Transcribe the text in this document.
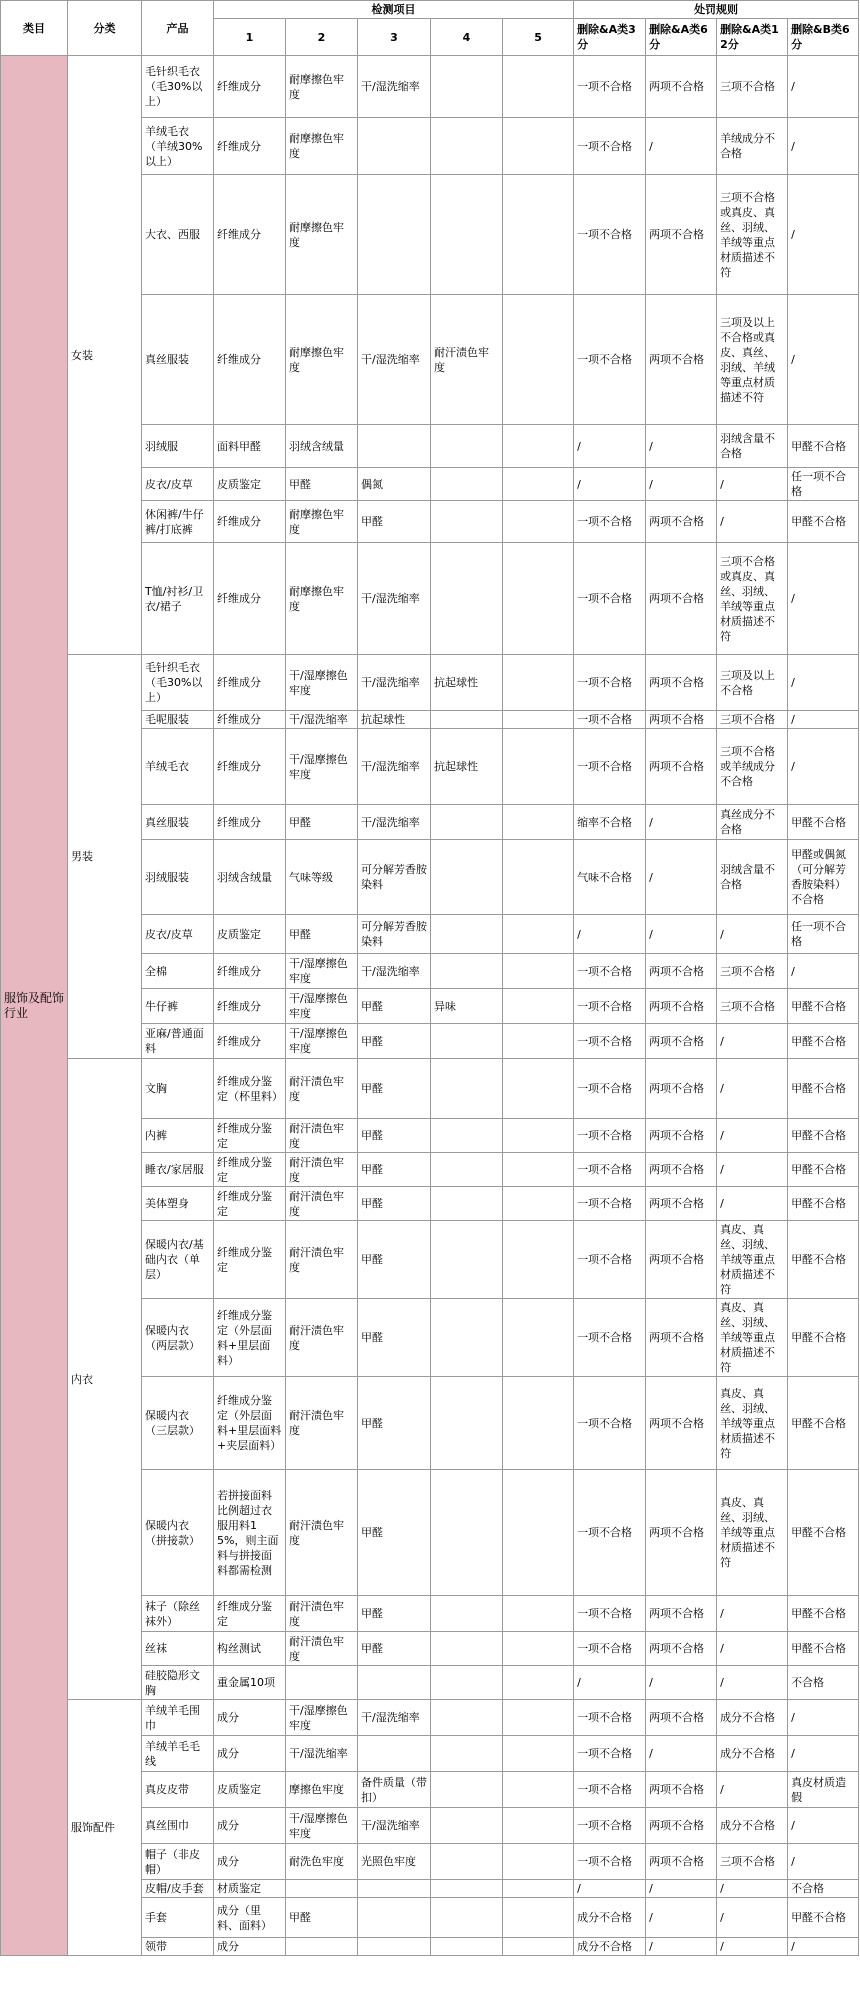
类目	分类	产品	检测项目					处罚规则			
			1	2	3	4	5	删除&A类3分	删除&A类6分	删除&A类12分	删除&B类6分
服饰及配饰行业	女装	毛针织毛衣（毛30%以上）	纤维成分	耐摩擦色牢度	干/湿洗缩率			一项不合格	两项不合格	三项不合格	/
		羊绒毛衣（羊绒30%以上）	纤维成分	耐摩擦色牢度				一项不合格	/	羊绒成分不合格	/
		大衣、西服	纤维成分	耐摩擦色牢度				一项不合格	两项不合格	三项不合格或真皮、真丝、羽绒、羊绒等重点材质描述不符	/
		真丝服装	纤维成分	耐摩擦色牢度	干/湿洗缩率	耐汗渍色牢度		一项不合格	两项不合格	三项及以上不合格或真皮、真丝、羽绒、羊绒等重点材质描述不符	/
		羽绒服	面料甲醛	羽绒含绒量				/	/	羽绒含量不合格	甲醛不合格
		皮衣/皮草	皮质鉴定	甲醛	偶氮			/	/	/	任一项不合格
		休闲裤/牛仔裤/打底裤	纤维成分	耐摩擦色牢度	甲醛			一项不合格	两项不合格	/	甲醛不合格
		T恤/衬衫/卫衣/裙子	纤维成分	耐摩擦色牢度	干/湿洗缩率			一项不合格	两项不合格	三项不合格或真皮、真丝、羽绒、羊绒等重点材质描述不符	/
	男装	毛针织毛衣（毛30%以上）	纤维成分	干/湿摩擦色牢度	干/湿洗缩率	抗起球性		一项不合格	两项不合格	三项及以上不合格	/
		毛呢服装	纤维成分	干/湿洗缩率	抗起球性			一项不合格	两项不合格	三项不合格	/
		羊绒毛衣	纤维成分	干/湿摩擦色牢度	干/湿洗缩率	抗起球性		一项不合格	两项不合格	三项不合格或羊绒成分不合格	/
		真丝服装	纤维成分	甲醛	干/湿洗缩率			缩率不合格	/	真丝成分不合格	甲醛不合格
		羽绒服装	羽绒含绒量	气味等级	可分解芳香胺染料			气味不合格	/	羽绒含量不合格	甲醛或偶氮（可分解芳香胺染料）不合格
		皮衣/皮草	皮质鉴定	甲醛	可分解芳香胺染料			/	/	/	任一项不合格
		全棉	纤维成分	干/湿摩擦色牢度	干/湿洗缩率			一项不合格	两项不合格	三项不合格	/
		牛仔裤	纤维成分	干/湿摩擦色牢度	甲醛	异味		一项不合格	两项不合格	三项不合格	甲醛不合格
		亚麻/普通面料	纤维成分	干/湿摩擦色牢度	甲醛			一项不合格	两项不合格	/	甲醛不合格
	内衣	文胸	纤维成分鉴定（杯里料）	耐汗渍色牢度	甲醛			一项不合格	两项不合格	/	甲醛不合格
		内裤	纤维成分鉴定	耐汗渍色牢度	甲醛			一项不合格	两项不合格	/	甲醛不合格
		睡衣/家居服	纤维成分鉴定	耐汗渍色牢度	甲醛			一项不合格	两项不合格	/	甲醛不合格
		美体塑身	纤维成分鉴定	耐汗渍色牢度	甲醛			一项不合格	两项不合格	/	甲醛不合格
		保暖内衣/基础内衣（单层）	纤维成分鉴定	耐汗渍色牢度	甲醛			一项不合格	两项不合格	真皮、真丝、羽绒、羊绒等重点材质描述不符	甲醛不合格
		保暖内衣（两层款）	纤维成分鉴定（外层面料+里层面料）	耐汗渍色牢度	甲醛			一项不合格	两项不合格	真皮、真丝、羽绒、羊绒等重点材质描述不符	甲醛不合格
		保暖内衣（三层款）	纤维成分鉴定（外层面料+里层面料+夹层面料）	耐汗渍色牢度	甲醛			一项不合格	两项不合格	真皮、真丝、羽绒、羊绒等重点材质描述不符	甲醛不合格
		保暖内衣（拼接款）	若拼接面料比例超过衣服用料15%，则主面料与拼接面料都需检测	耐汗渍色牢度	甲醛			一项不合格	两项不合格	真皮、真丝、羽绒、羊绒等重点材质描述不符	甲醛不合格
		袜子（除丝袜外）	纤维成分鉴定	耐汗渍色牢度	甲醛			一项不合格	两项不合格	/	甲醛不合格
		丝袜	构丝测试	耐汗渍色牢度	甲醛			一项不合格	两项不合格	/	甲醛不合格
		硅胶隐形文胸	重金属10项					/	/	/	不合格
	服饰配件	羊绒羊毛围巾	成分	干/湿摩擦色牢度	干/湿洗缩率			一项不合格	两项不合格	成分不合格	/
		羊绒羊毛毛线	成分	干/湿洗缩率				一项不合格	/	成分不合格	/
		真皮皮带	皮质鉴定	摩擦色牢度	备件质量（带扣）			一项不合格	两项不合格	/	真皮材质造假
		真丝围巾	成分	干/湿摩擦色牢度	干/湿洗缩率			一项不合格	两项不合格	成分不合格	/
		帽子（非皮帽）	成分	耐洗色牢度	光照色牢度			一项不合格	两项不合格	三项不合格	/
		皮帽/皮手套	材质鉴定					/	/	/	不合格
		手套	成分（里料、面料）	甲醛				成分不合格	/	/	甲醛不合格
		领带	成分					成分不合格	/	/	/
